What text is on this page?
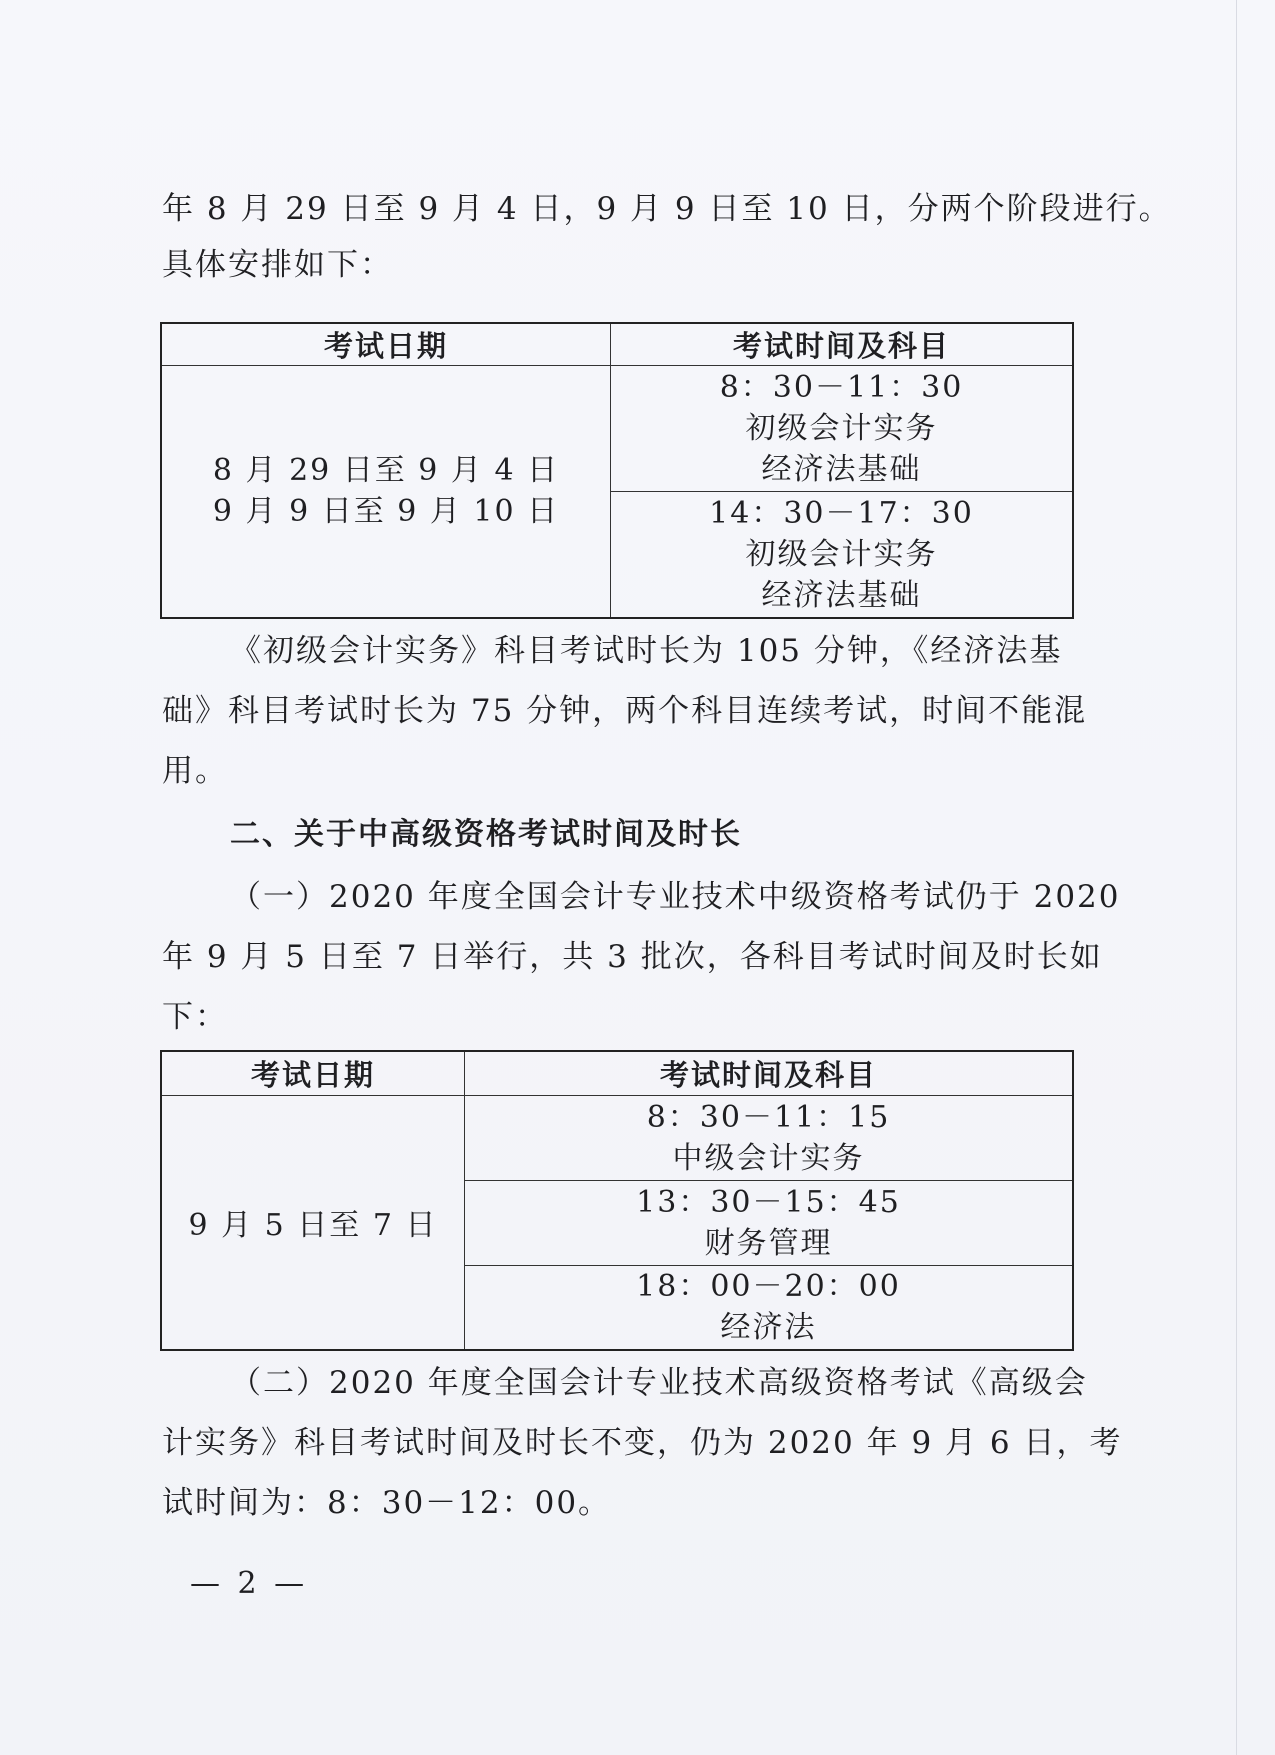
年 8 月 29 日至 9 月 4 日，9 月 9 日至 10 日，分两个阶段进行。
具体安排如下：
考试日期	考试时间及科目

8 月 29 日至 9 月 4 日
9 月 9 日至 9 月 10 日	8：30－11：30
初级会计实务
经济法基础

	14：30－17：30
初级会计实务
经济法基础
《初级会计实务》科目考试时长为 105 分钟，《经济法基
础》科目考试时长为 75 分钟，两个科目连续考试，时间不能混
用。
二、关于中高级资格考试时间及时长
（一）2020 年度全国会计专业技术中级资格考试仍于 2020
年 9 月 5 日至 7 日举行，共 3 批次，各科目考试时间及时长如
下：
考试日期	考试时间及科目
9 月 5 日至 7 日	8：30－11：15
中级会计实务

	13：30－15：45
财务管理

	18：00－20：00
经济法
（二）2020 年度全国会计专业技术高级资格考试《高级会
计实务》科目考试时间及时长不变，仍为 2020 年 9 月 6 日，考
试时间为：8：30－12：00。
— 2 —
